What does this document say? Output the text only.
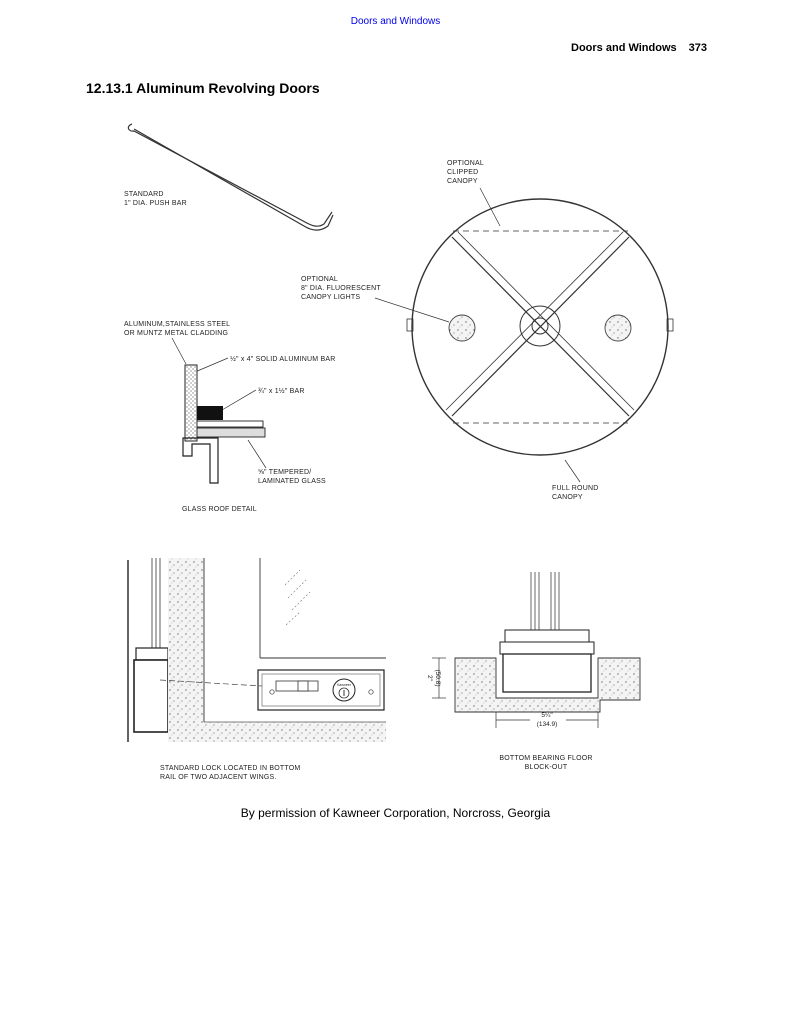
Doors and Windows
Doors and Windows 373
12.13.1 Aluminum Revolving Doors
STANDARD
1" DIA. PUSH BAR
ALUMINUM,STAINLESS STEEL
OR MUNTZ METAL CLADDING
½" x 4" SOLID ALUMINUM BAR
¾" x 1½" BAR
⅝" TEMPERED/
LAMINATED GLASS
GLASS ROOF DETAIL
OPTIONAL
CLIPPED
CANOPY
OPTIONAL
8" DIA. FLUORESCENT
CANOPY LIGHTS
FULL ROUND
CANOPY
Kawneer
STANDARD LOCK LOCATED IN BOTTOM
RAIL OF TWO ADJACENT WINGS.
2" (50.8)
5¼"
(134.9)
BOTTOM BEARING FLOOR
BLOCK-OUT
By permission of Kawneer Corporation, Norcross, Georgia
